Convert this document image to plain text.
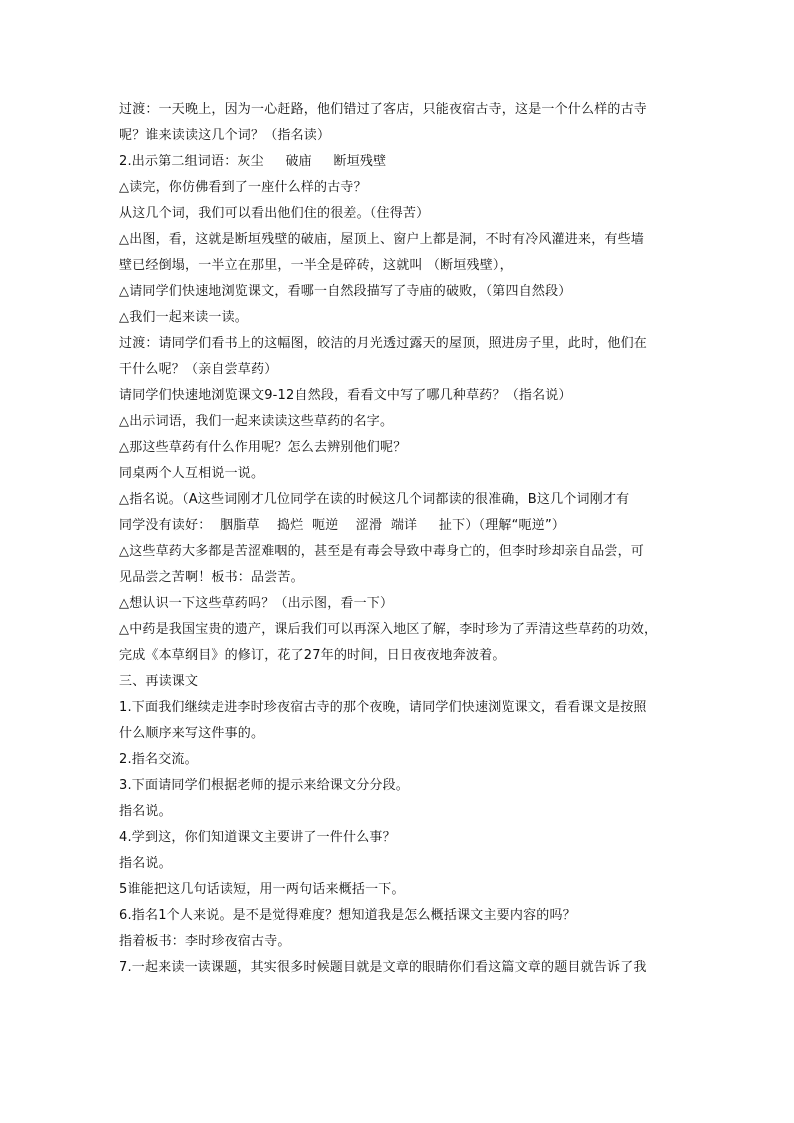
过渡：一天晚上，因为一心赶路，他们错过了客店，只能夜宿古寺，这是一个什么样的古寺
呢？谁来读读这几个词？（指名读）
2.出示第二组词语：灰尘     破庙     断垣残壁
△读完，你仿佛看到了一座什么样的古寺？
从这几个词，我们可以看出他们住的很差。（住得苦）
△出图，看，这就是断垣残壁的破庙，屋顶上、窗户上都是洞，不时有冷风灌进来，有些墙
壁已经倒塌，一半立在那里，一半全是碎砖，这就叫 （断垣残壁），
△请同学们快速地浏览课文，看哪一自然段描写了寺庙的破败，（第四自然段）
△我们一起来读一读。
过渡：请同学们看书上的这幅图，皎洁的月光透过露天的屋顶，照进房子里，此时，他们在
干什么呢？（亲自尝草药）
请同学们快速地浏览课文9-12自然段，看看文中写了哪几种草药？（指名说）
△出示词语，我们一起来读读这些草药的名字。
△那这些草药有什么作用呢？怎么去辨别他们呢？
同桌两个人互相说一说。
△指名说。（A这些词刚才几位同学在读的时候这几个词都读的很准确，B这几个词刚才有
同学没有读好：  胭脂草    捣烂  呃逆    涩滑  端详     扯下）（理解“呃逆”）
△这些草药大多都是苦涩难咽的，甚至是有毒会导致中毒身亡的，但李时珍却亲自品尝，可
见品尝之苦啊！板书：品尝苦。
△想认识一下这些草药吗？（出示图，看一下）
△中药是我国宝贵的遗产，课后我们可以再深入地区了解，李时珍为了弄清这些草药的功效，
完成《本草纲目》的修订，花了27年的时间，日日夜夜地奔波着。
三、再读课文
1.下面我们继续走进李时珍夜宿古寺的那个夜晚，请同学们快速浏览课文，看看课文是按照
什么顺序来写这件事的。
2.指名交流。
3.下面请同学们根据老师的提示来给课文分分段。
指名说。
4.学到这，你们知道课文主要讲了一件什么事？
指名说。
5谁能把这几句话读短，用一两句话来概括一下。
6.指名1个人来说。是不是觉得难度？想知道我是怎么概括课文主要内容的吗？
指着板书：李时珍夜宿古寺。
7.一起来读一读课题，其实很多时候题目就是文章的眼睛你们看这篇文章的题目就告诉了我
